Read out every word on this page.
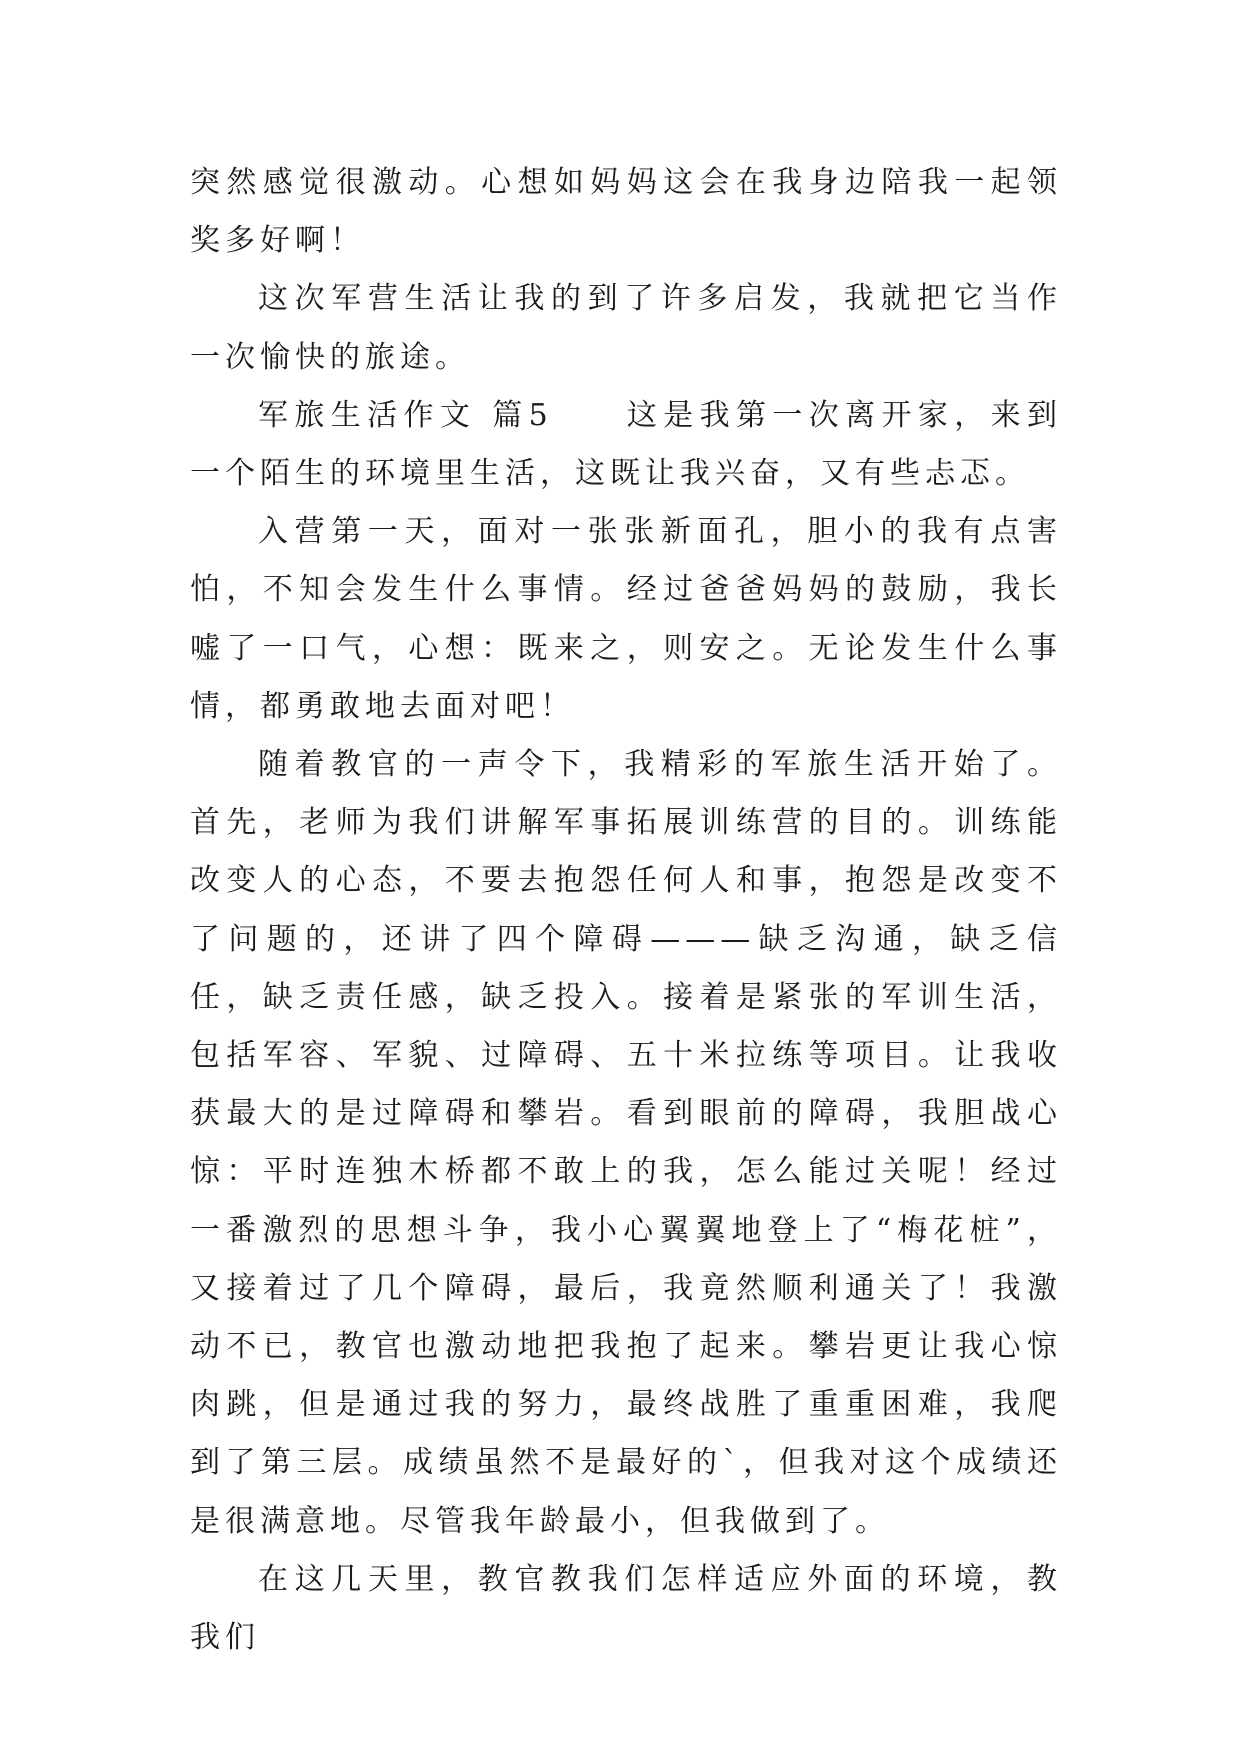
突然感觉很激动。心想如妈妈这会在我身边陪我一起领奖多好啊！

这次军营生活让我的到了许多启发，我就把它当作一次愉快的旅途。

军旅生活作文 篇5　　这是我第一次离开家，来到一个陌生的环境里生活，这既让我兴奋，又有些忐忑。

入营第一天，面对一张张新面孔，胆小的我有点害怕，不知会发生什么事情。经过爸爸妈妈的鼓励，我长嘘了一口气，心想：既来之，则安之。无论发生什么事情，都勇敢地去面对吧！

随着教官的一声令下，我精彩的军旅生活开始了。首先，老师为我们讲解军事拓展训练营的目的。训练能改变人的心态，不要去抱怨任何人和事，抱怨是改变不了问题的，还讲了四个障碍———缺乏沟通，缺乏信任，缺乏责任感，缺乏投入。接着是紧张的军训生活，包括军容、军貌、过障碍、五十米拉练等项目。让我收获最大的是过障碍和攀岩。看到眼前的障碍，我胆战心惊：平时连独木桥都不敢上的我，怎么能过关呢！经过一番激烈的思想斗争，我小心翼翼地登上了“梅花桩”，又接着过了几个障碍，最后，我竟然顺利通关了！我激动不已，教官也激动地把我抱了起来。攀岩更让我心惊肉跳，但是通过我的努力，最终战胜了重重困难，我爬到了第三层。成绩虽然不是最好的`，但我对这个成绩还是很满意地。尽管我年龄最小，但我做到了。

在这几天里，教官教我们怎样适应外面的环境，教我们
